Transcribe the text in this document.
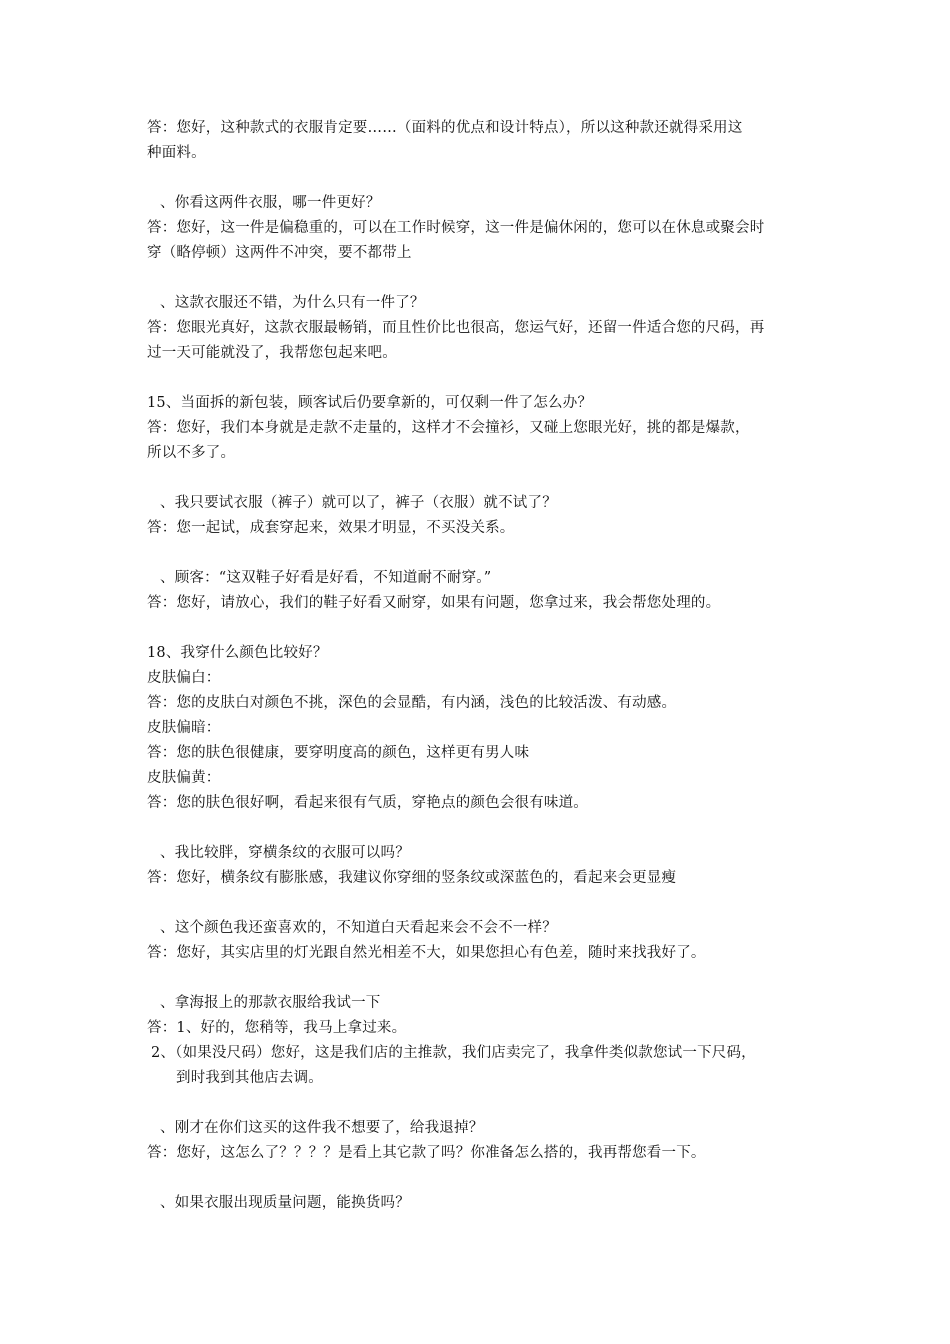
答：您好，这种款式的衣服肯定要……（面料的优点和设计特点），所以这种款还就得采用这
种面料。
、你看这两件衣服，哪一件更好？
答：您好，这一件是偏稳重的，可以在工作时候穿，这一件是偏休闲的，您可以在休息或聚会时
穿（略停顿）这两件不冲突，要不都带上
、这款衣服还不错，为什么只有一件了？
答：您眼光真好，这款衣服最畅销，而且性价比也很高，您运气好，还留一件适合您的尺码，再
过一天可能就没了，我帮您包起来吧。
15、当面拆的新包装，顾客试后仍要拿新的，可仅剩一件了怎么办？
答：您好，我们本身就是走款不走量的，这样才不会撞衫，又碰上您眼光好，挑的都是爆款，
所以不多了。
、我只要试衣服（裤子）就可以了，裤子（衣服）就不试了？
答：您一起试，成套穿起来，效果才明显，不买没关系。
、顾客：“这双鞋子好看是好看，不知道耐不耐穿。”
答：您好，请放心，我们的鞋子好看又耐穿，如果有问题，您拿过来，我会帮您处理的。
18、我穿什么颜色比较好？
皮肤偏白：
答：您的皮肤白对颜色不挑，深色的会显酷，有内涵，浅色的比较活泼、有动感。
皮肤偏暗：
答：您的肤色很健康，要穿明度高的颜色，这样更有男人味
皮肤偏黄：
答：您的肤色很好啊，看起来很有气质，穿艳点的颜色会很有味道。
、我比较胖，穿横条纹的衣服可以吗？
答：您好，横条纹有膨胀感，我建议你穿细的竖条纹或深蓝色的，看起来会更显瘦
、这个颜色我还蛮喜欢的，不知道白天看起来会不会不一样？
答：您好，其实店里的灯光跟自然光相差不大，如果您担心有色差，随时来找我好了。
、拿海报上的那款衣服给我试一下
答：1、好的，您稍等，我马上拿过来。
2、（如果没尺码）您好，这是我们店的主推款，我们店卖完了，我拿件类似款您试一下尺码，
到时我到其他店去调。
、刚才在你们这买的这件我不想要了，给我退掉？
答：您好，这怎么了？？？？是看上其它款了吗？你准备怎么搭的，我再帮您看一下。
、如果衣服出现质量问题，能换货吗？
